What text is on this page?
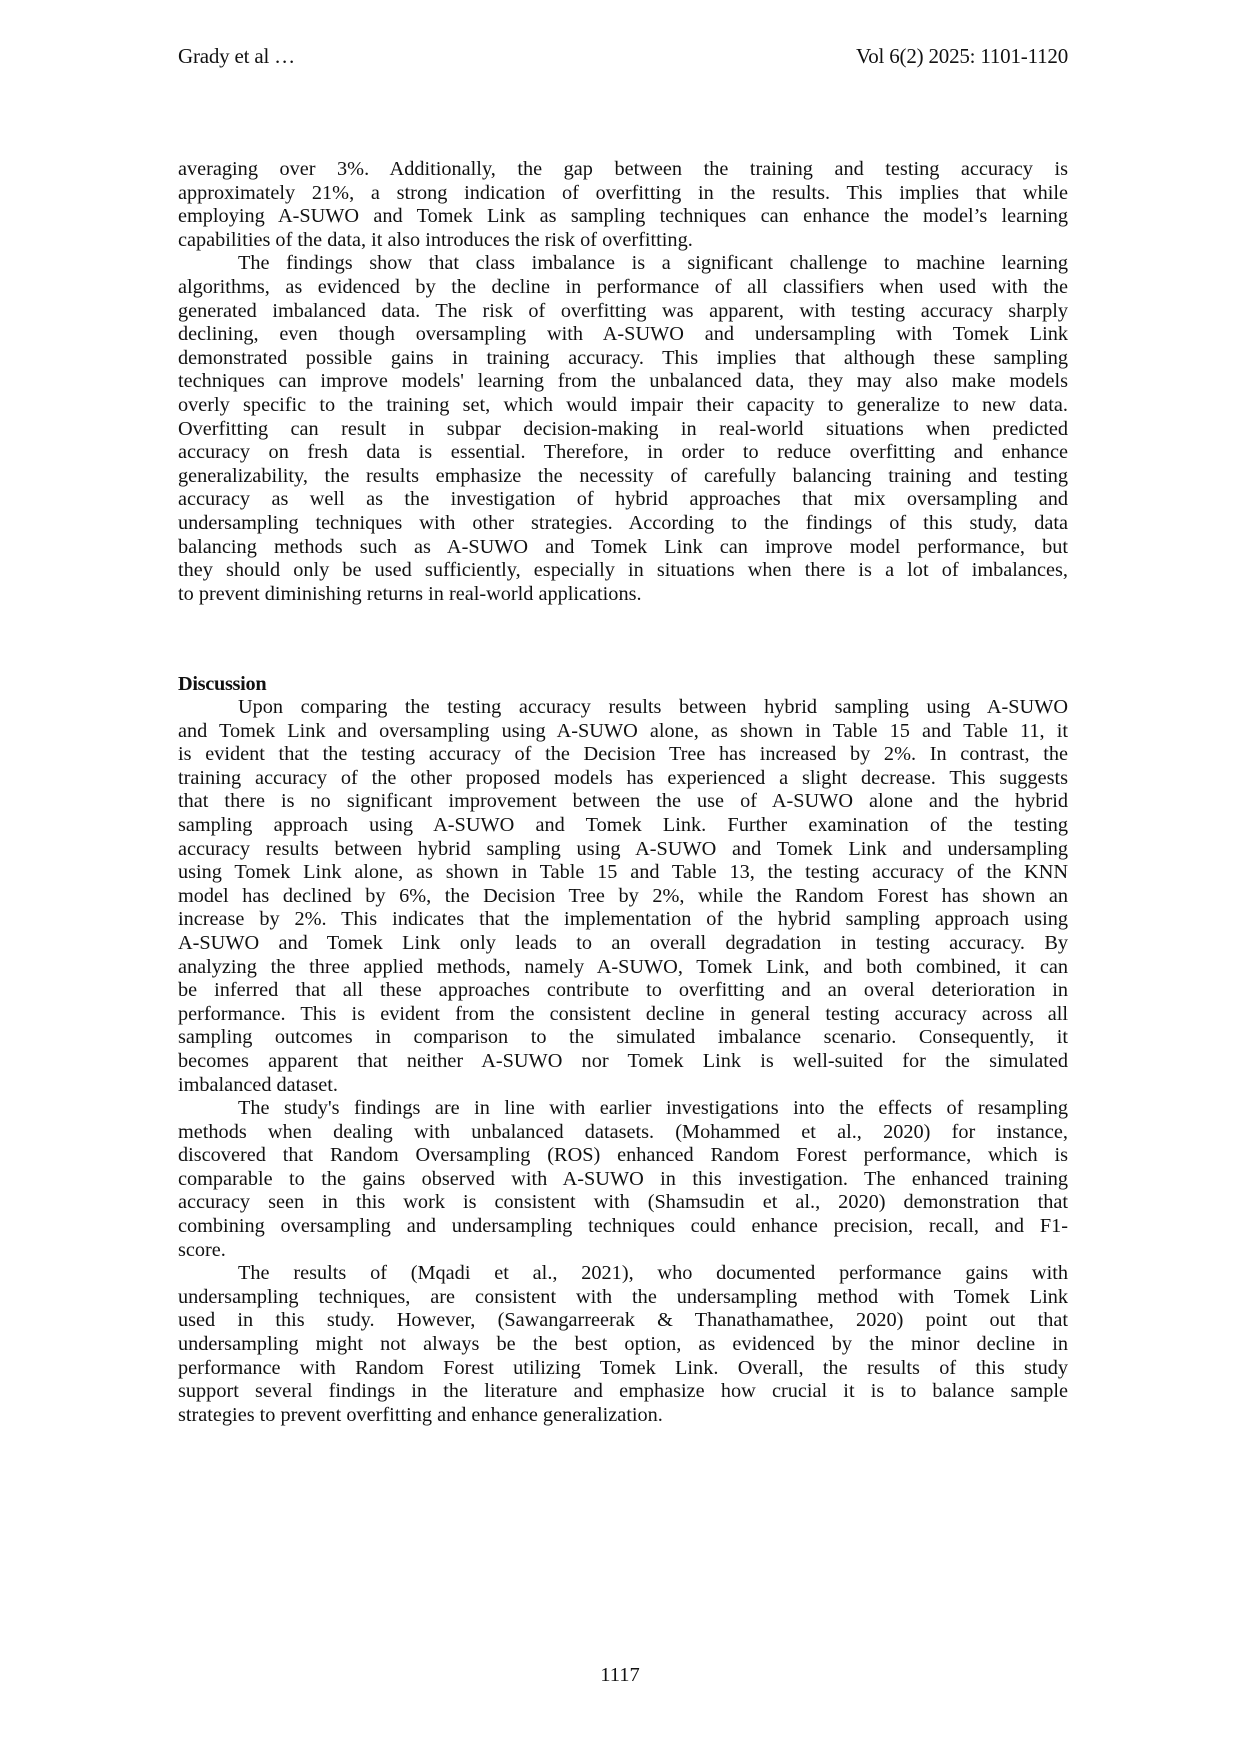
Grady et al …	Vol 6(2) 2025: 1101-1120
averaging over 3%. Additionally, the gap between the training and testing accuracy is
approximately 21%, a strong indication of overfitting in the results. This implies that while
employing A-SUWO and Tomek Link as sampling techniques can enhance the model’s learning
capabilities of the data, it also introduces the risk of overfitting.
The findings show that class imbalance is a significant challenge to machine learning
algorithms, as evidenced by the decline in performance of all classifiers when used with the
generated imbalanced data. The risk of overfitting was apparent, with testing accuracy sharply
declining, even though oversampling with A-SUWO and undersampling with Tomek Link
demonstrated possible gains in training accuracy. This implies that although these sampling
techniques can improve models' learning from the unbalanced data, they may also make models
overly specific to the training set, which would impair their capacity to generalize to new data.
Overfitting can result in subpar decision-making in real-world situations when predicted
accuracy on fresh data is essential. Therefore, in order to reduce overfitting and enhance
generalizability, the results emphasize the necessity of carefully balancing training and testing
accuracy as well as the investigation of hybrid approaches that mix oversampling and
undersampling techniques with other strategies. According to the findings of this study, data
balancing methods such as A-SUWO and Tomek Link can improve model performance, but
they should only be used sufficiently, especially in situations when there is a lot of imbalances,
to prevent diminishing returns in real-world applications.
Discussion
Upon comparing the testing accuracy results between hybrid sampling using A-SUWO
and Tomek Link and oversampling using A-SUWO alone, as shown in Table 15 and Table 11, it
is evident that the testing accuracy of the Decision Tree has increased by 2%. In contrast, the
training accuracy of the other proposed models has experienced a slight decrease. This suggests
that there is no significant improvement between the use of A-SUWO alone and the hybrid
sampling approach using A-SUWO and Tomek Link. Further examination of the testing
accuracy results between hybrid sampling using A-SUWO and Tomek Link and undersampling
using Tomek Link alone, as shown in Table 15 and Table 13, the testing accuracy of the KNN
model has declined by 6%, the Decision Tree by 2%, while the Random Forest has shown an
increase by 2%. This indicates that the implementation of the hybrid sampling approach using
A-SUWO and Tomek Link only leads to an overall degradation in testing accuracy. By
analyzing the three applied methods, namely A-SUWO, Tomek Link, and both combined, it can
be inferred that all these approaches contribute to overfitting and an overal deterioration in
performance. This is evident from the consistent decline in general testing accuracy across all
sampling outcomes in comparison to the simulated imbalance scenario. Consequently, it
becomes apparent that neither A-SUWO nor Tomek Link is well-suited for the simulated
imbalanced dataset.
The study's findings are in line with earlier investigations into the effects of resampling
methods when dealing with unbalanced datasets. (Mohammed et al., 2020) for instance,
discovered that Random Oversampling (ROS) enhanced Random Forest performance, which is
comparable to the gains observed with A-SUWO in this investigation. The enhanced training
accuracy seen in this work is consistent with (Shamsudin et al., 2020) demonstration that
combining oversampling and undersampling techniques could enhance precision, recall, and F1-
score.
The results of (Mqadi et al., 2021), who documented performance gains with
undersampling techniques, are consistent with the undersampling method with Tomek Link
used in this study. However, (Sawangarreerak & Thanathamathee, 2020) point out that
undersampling might not always be the best option, as evidenced by the minor decline in
performance with Random Forest utilizing Tomek Link. Overall, the results of this study
support several findings in the literature and emphasize how crucial it is to balance sample
strategies to prevent overfitting and enhance generalization.
1117
